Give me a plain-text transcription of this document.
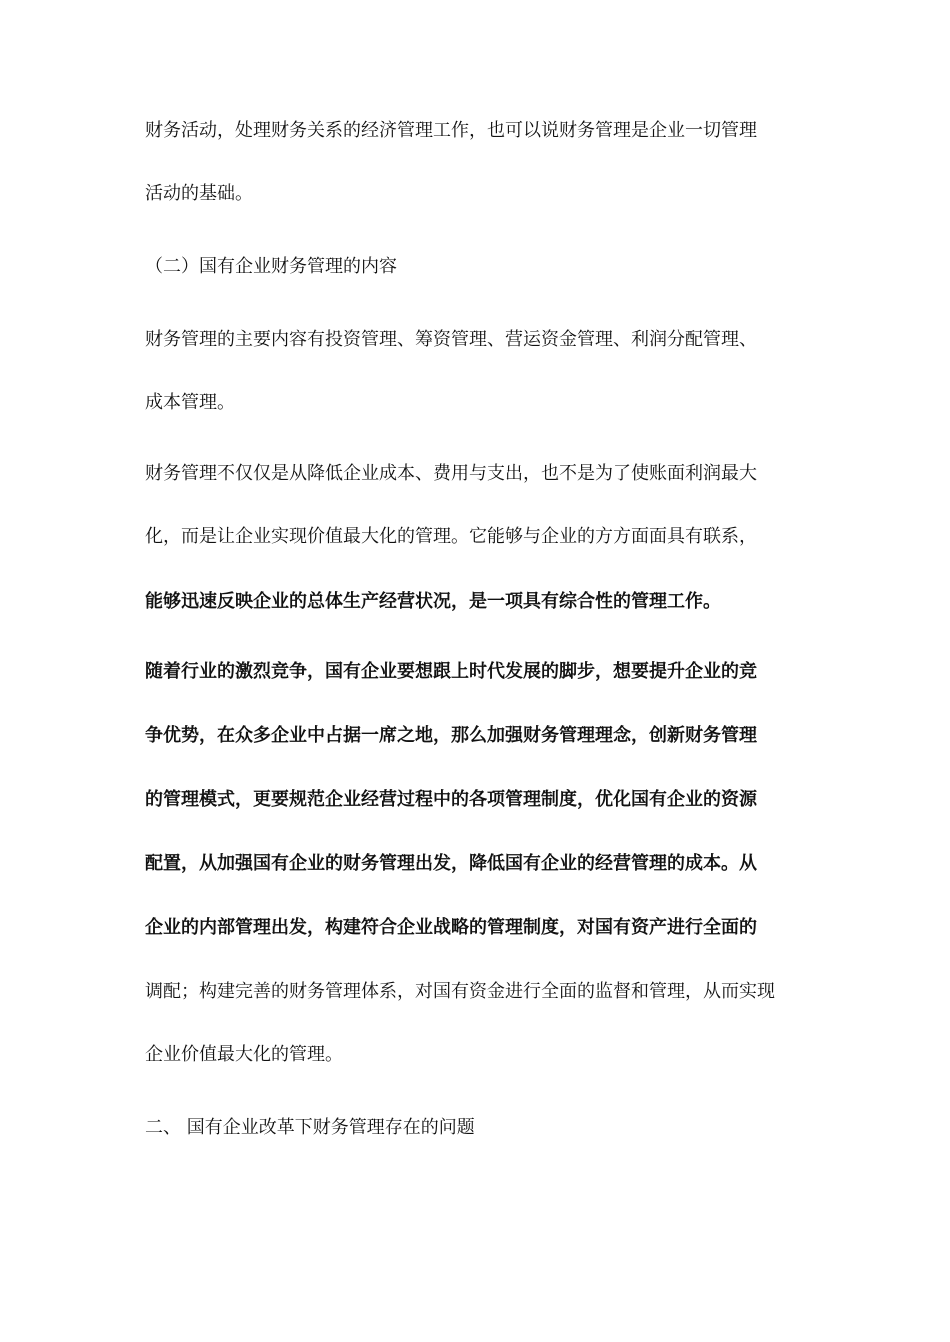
财务活动，处理财务关系的经济管理工作，也可以说财务管理是企业一切管理
活动的基础。
（二）国有企业财务管理的内容
财务管理的主要内容有投资管理、筹资管理、营运资金管理、利润分配管理、
成本管理。
财务管理不仅仅是从降低企业成本、费用与支出，也不是为了使账面利润最大
化，而是让企业实现价值最大化的管理。它能够与企业的方方面面具有联系，
能够迅速反映企业的总体生产经营状况，是一项具有综合性的管理工作。
随着行业的激烈竞争，国有企业要想跟上时代发展的脚步，想要提升企业的竞
争优势，在众多企业中占据一席之地，那么加强财务管理理念，创新财务管理
的管理模式，更要规范企业经营过程中的各项管理制度，优化国有企业的资源
配置，从加强国有企业的财务管理出发，降低国有企业的经营管理的成本。从
企业的内部管理出发，构建符合企业战略的管理制度，对国有资产进行全面的
调配；构建完善的财务管理体系，对国有资金进行全面的监督和管理，从而实现
企业价值最大化的管理。
二、 国有企业改革下财务管理存在的问题
